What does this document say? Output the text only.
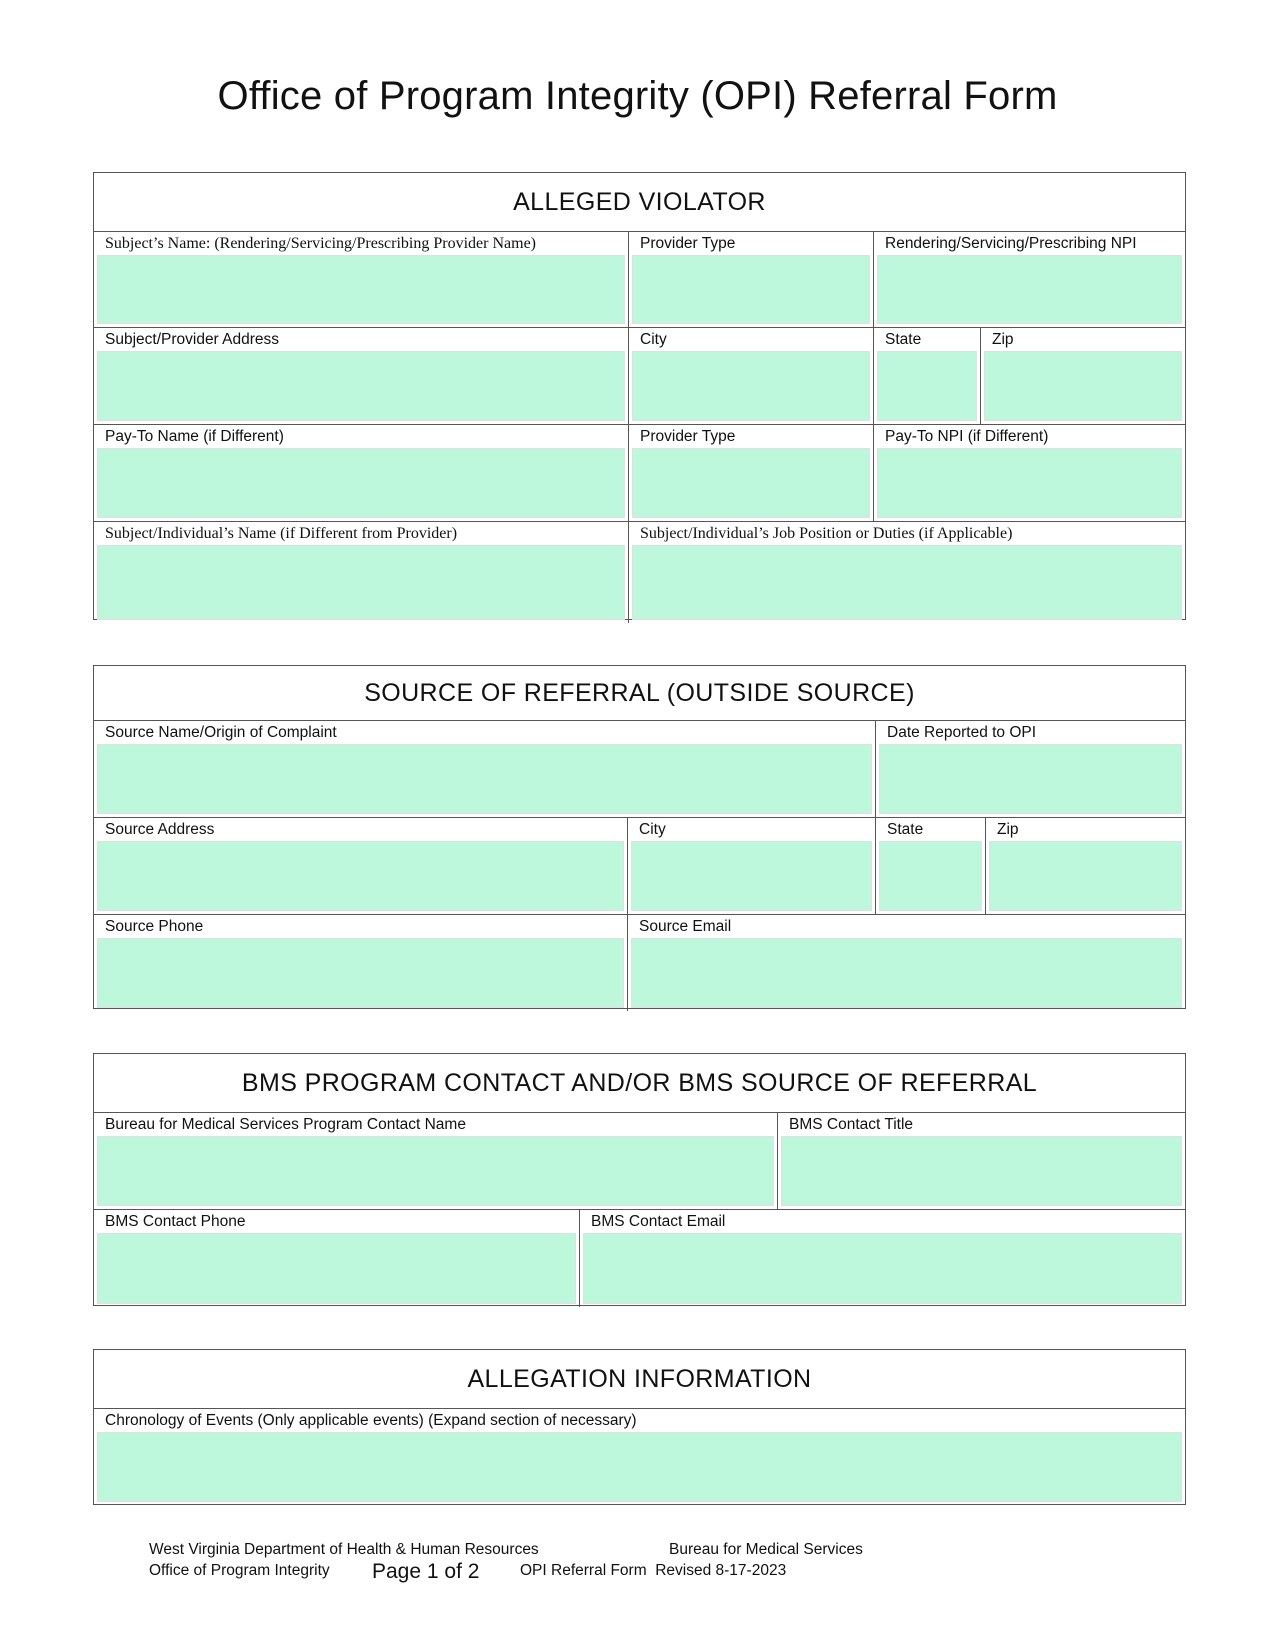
Office of Program Integrity (OPI) Referral Form
ALLEGED VIOLATOR
Subject’s Name: (Rendering/Servicing/Prescribing Provider Name)	Provider Type	Rendering/Servicing/Prescribing NPI
Subject/Provider Address	City	State	Zip
Pay-To Name (if Different)	Provider Type	Pay-To NPI (if Different)
Subject/Individual’s Name (if Different from Provider)	Subject/Individual’s Job Position or Duties (if Applicable)
SOURCE OF REFERRAL (OUTSIDE SOURCE)
Source Name/Origin of Complaint	Date Reported to OPI
Source Address	City	State	Zip
Source Phone	Source Email
BMS PROGRAM CONTACT AND/OR BMS SOURCE OF REFERRAL
Bureau for Medical Services Program Contact Name	BMS Contact Title
BMS Contact Phone	BMS Contact Email
ALLEGATION INFORMATION
Chronology of Events (Only applicable events) (Expand section of necessary)
West Virginia Department of Health & Human Resources
Office of Program Integrity
Bureau for Medical Services
Page 1 of 2	OPI Referral Form  Revised 8-17-2023
